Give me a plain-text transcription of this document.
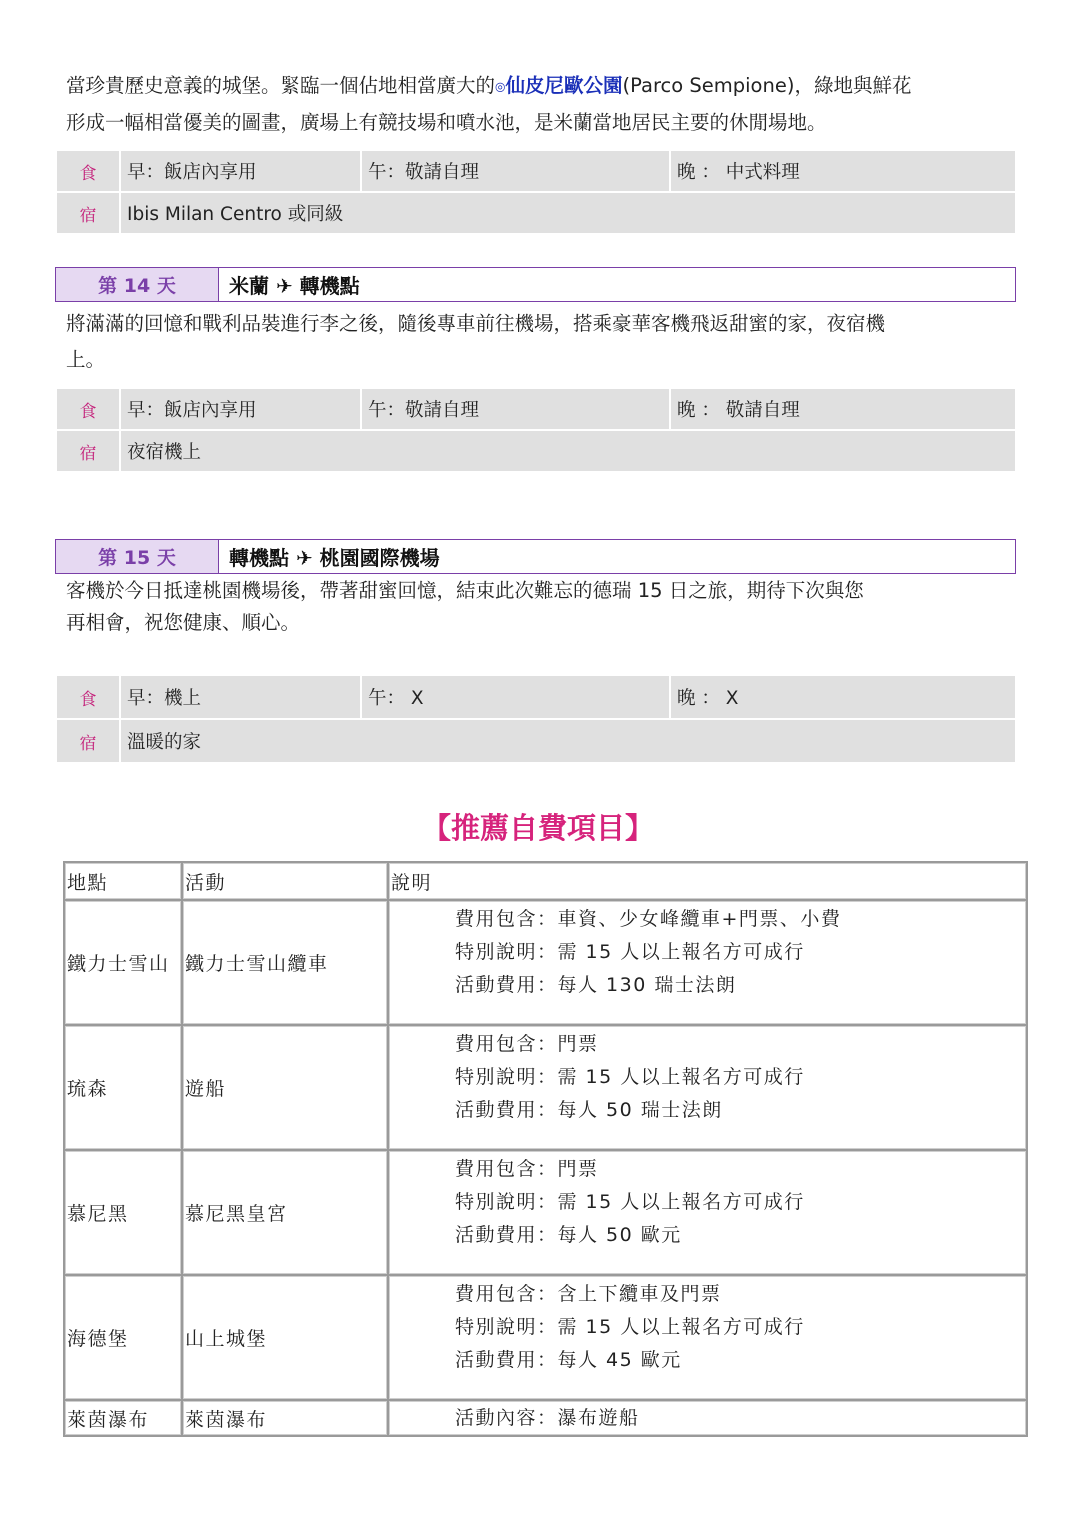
當珍貴歷史意義的城堡。緊臨一個佔地相當廣大的◎仙皮尼歐公園(Parco Sempione)，綠地與鮮花
形成一幅相當優美的圖畫，廣場上有競技場和噴水池，是米蘭當地居民主要的休閒場地。
食	早：飯店內享用	午：敬請自理	晚 ： 中式料理
宿	Ibis Milan Centro 或同級		
第 14 天	米蘭 ✈ 轉機點
將滿滿的回憶和戰利品裝進行李之後，隨後專車前往機場，搭乘豪華客機飛返甜蜜的家，夜宿機
上。
食	早：飯店內享用	午：敬請自理	晚 ： 敬請自理
宿	夜宿機上		
第 15 天	轉機點 ✈ 桃園國際機場
客機於今日抵達桃園機場後，帶著甜蜜回憶，結束此次難忘的德瑞 15 日之旅，期待下次與您
再相會，祝您健康、順心。
食	早：機上	午： X	晚 ： X
宿	溫暖的家		
【推薦自費項目】
地點	活動	說明
鐵力士雪山	鐵力士雪山纜車	費用包含：車資、少女峰纜車+門票、小費
特別說明：需 15 人以上報名方可成行
活動費用：每人 130 瑞士法朗

琉森	遊船	費用包含：門票
特別說明：需 15 人以上報名方可成行
活動費用：每人 50 瑞士法朗

慕尼黑	慕尼黑皇宮	費用包含：門票
特別說明：需 15 人以上報名方可成行
活動費用：每人 50 歐元

海德堡	山上城堡	費用包含：含上下纜車及門票
特別說明：需 15 人以上報名方可成行
活動費用：每人 45 歐元

萊茵瀑布	萊茵瀑布	活動內容：瀑布遊船
